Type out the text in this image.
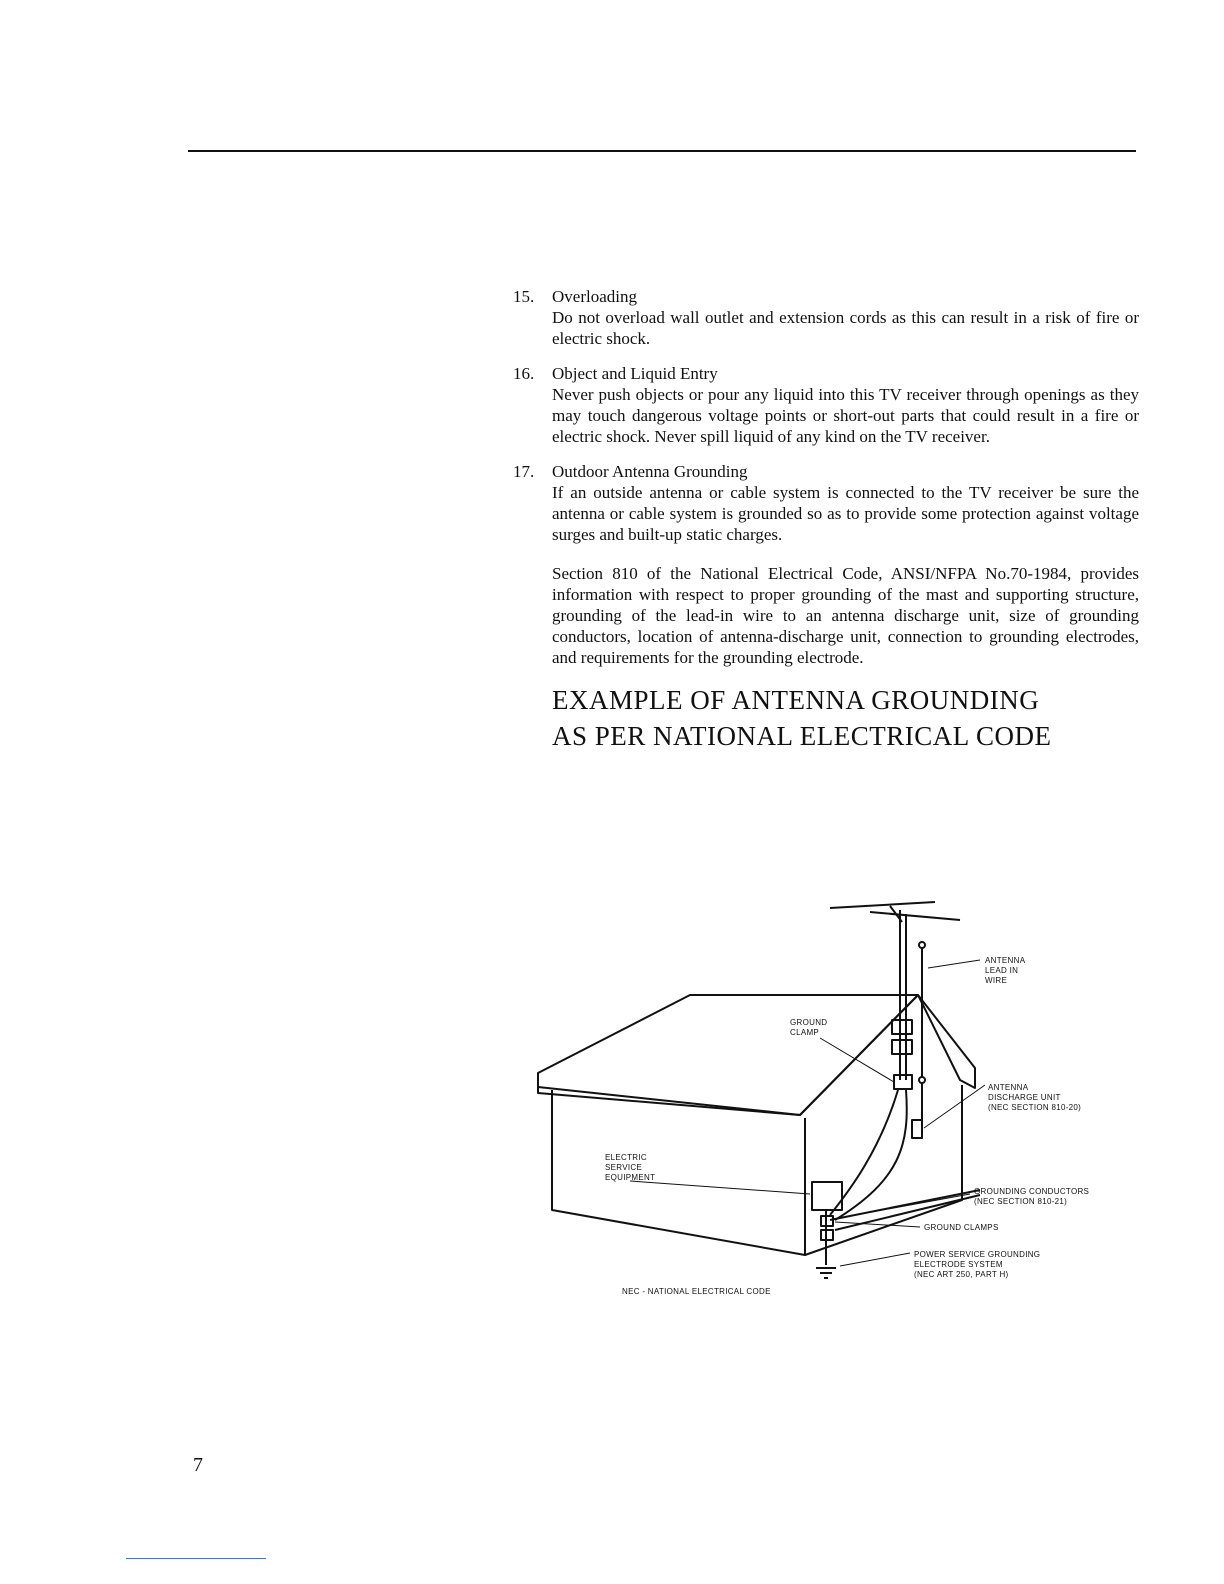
15. Overloading
Do not overload wall outlet and extension cords as this can result in a risk of fire or electric shock.
16. Object and Liquid Entry
Never push objects or pour any liquid into this TV receiver through openings as they may touch dangerous voltage points or short-out parts that could result in a fire or electric shock. Never spill liquid of any kind on the TV receiver.
17. Outdoor Antenna Grounding
If an outside antenna or cable system is connected to the TV receiver be sure the antenna or cable system is grounded so as to provide some protection against voltage surges and built-up static charges.
Section 810 of the National Electrical Code, ANSI/NFPA No.70-1984, provides information with respect to proper grounding of the mast and supporting structure, grounding of the lead-in wire to an antenna discharge unit, size of grounding conductors, location of antenna-discharge unit, connection to grounding electrodes, and requirements for the grounding electrode.
EXAMPLE OF ANTENNA GROUNDING
AS PER NATIONAL ELECTRICAL CODE
ANTENNA
LEAD IN
WIRE
GROUND
CLAMP
ANTENNA
DISCHARGE UNIT
(NEC SECTION 810-20)
ELECTRIC
SERVICE
EQUIPMENT
GROUNDING CONDUCTORS
(NEC SECTION 810-21)
GROUND CLAMPS
POWER SERVICE GROUNDING
ELECTRODE SYSTEM
(NEC ART 250, PART H)
NEC - NATIONAL ELECTRICAL CODE
7
